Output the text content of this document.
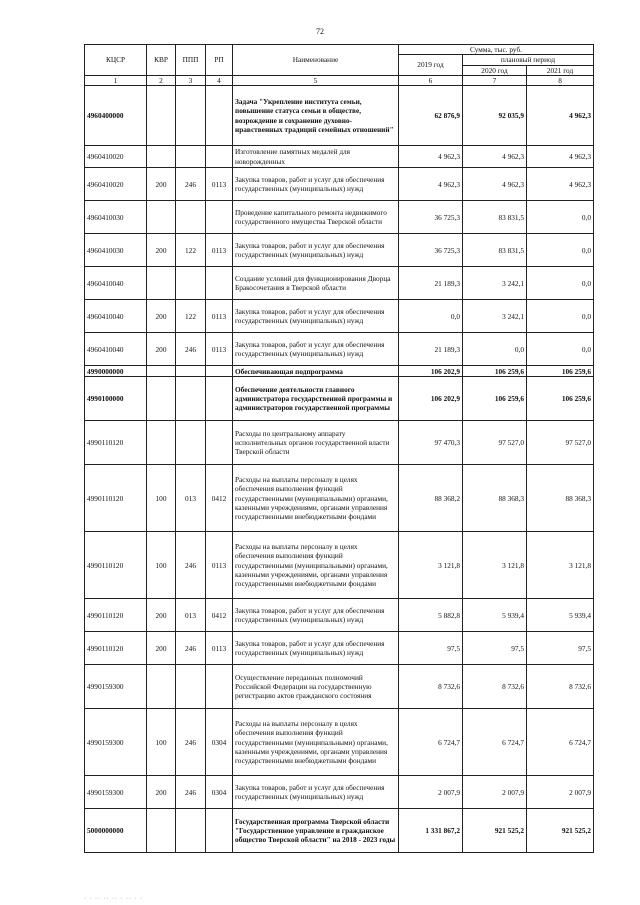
72
КЦСР	КВР	ППП	РП	Наименование	Сумма, тыс. руб.		
					2019 год	плановый период	
						2020 год	2021 год
1	2	3	4	5	6	7	8
4960400000				Задача "Укрепление института семьи, повышение статуса семьи в обществе, возрождение и сохранение духовно-нравственных традиций семейных отношений"	62 876,9	92 035,9	4 962,3
4960410020				Изготовление памятных медалей для новорожденных	4 962,3	4 962,3	4 962,3
4960410020	200	246	0113	Закупка товаров, работ и услуг для обеспечения государственных (муниципальных) нужд	4 962,3	4 962,3	4 962,3
4960410030				Проведение капитального ремонта недвижимого государственного имущества Тверской области	36 725,3	83 831,5	0,0
4960410030	200	122	0113	Закупка товаров, работ и услуг для обеспечения государственных (муниципальных) нужд	36 725,3	83 831,5	0,0
4960410040				Создание условий для функционирования Дворца Бракосочетания в Тверской области	21 189,3	3 242,1	0,0
4960410040	200	122	0113	Закупка товаров, работ и услуг для обеспечения государственных (муниципальных) нужд	0,0	3 242,1	0,0
4960410040	200	246	0113	Закупка товаров, работ и услуг для обеспечения государственных (муниципальных) нужд	21 189,3	0,0	0,0
4990000000				Обеспечивающая подпрограмма	106 202,9	106 259,6	106 259,6
4990100000				Обеспечение деятельности главного администратора государственной программы и администраторов государственной программы	106 202,9	106 259,6	106 259,6
4990110120				Расходы по центральному аппарату исполнительных органов государственной власти Тверской области	97 470,3	97 527,0	97 527,0
4990110120	100	013	0412	Расходы на выплаты персоналу в целях обеспечения выполнения функций государственными (муниципальными) органами, казенными учреждениями, органами управления государственными внебюджетными фондами	88 368,2	88 368,3	88 368,3
4990110120	100	246	0113	Расходы на выплаты персоналу в целях обеспечения выполнения функций государственными (муниципальными) органами, казенными учреждениями, органами управления государственными внебюджетными фондами	3 121,8	3 121,8	3 121,8
4990110120	200	013	0412	Закупка товаров, работ и услуг для обеспечения государственных (муниципальных) нужд	5 882,8	5 939,4	5 939,4
4990110120	200	246	0113	Закупка товаров, работ и услуг для обеспечения государственных (муниципальных) нужд	97,5	97,5	97,5
4990159300				Осуществление переданных полномочий Российской Федерации на государственную регистрацию актов гражданского состояния	8 732,6	8 732,6	8 732,6
4990159300	100	246	0304	Расходы на выплаты персоналу в целях обеспечения выполнения функций государственными (муниципальными) органами, казенными учреждениями, органами управления государственными внебюджетными фондами	6 724,7	6 724,7	6 724,7
4990159300	200	246	0304	Закупка товаров, работ и услуг для обеспечения государственных (муниципальных) нужд	2 007,9	2 007,9	2 007,9
5000000000				Государственная программа Тверской области "Государственное управление и гражданское общество Тверской области" на 2018 - 2023 годы	1 331 867,2	921 525,2	921 525,2
· · ·· ·· ·· · ·· · ·
